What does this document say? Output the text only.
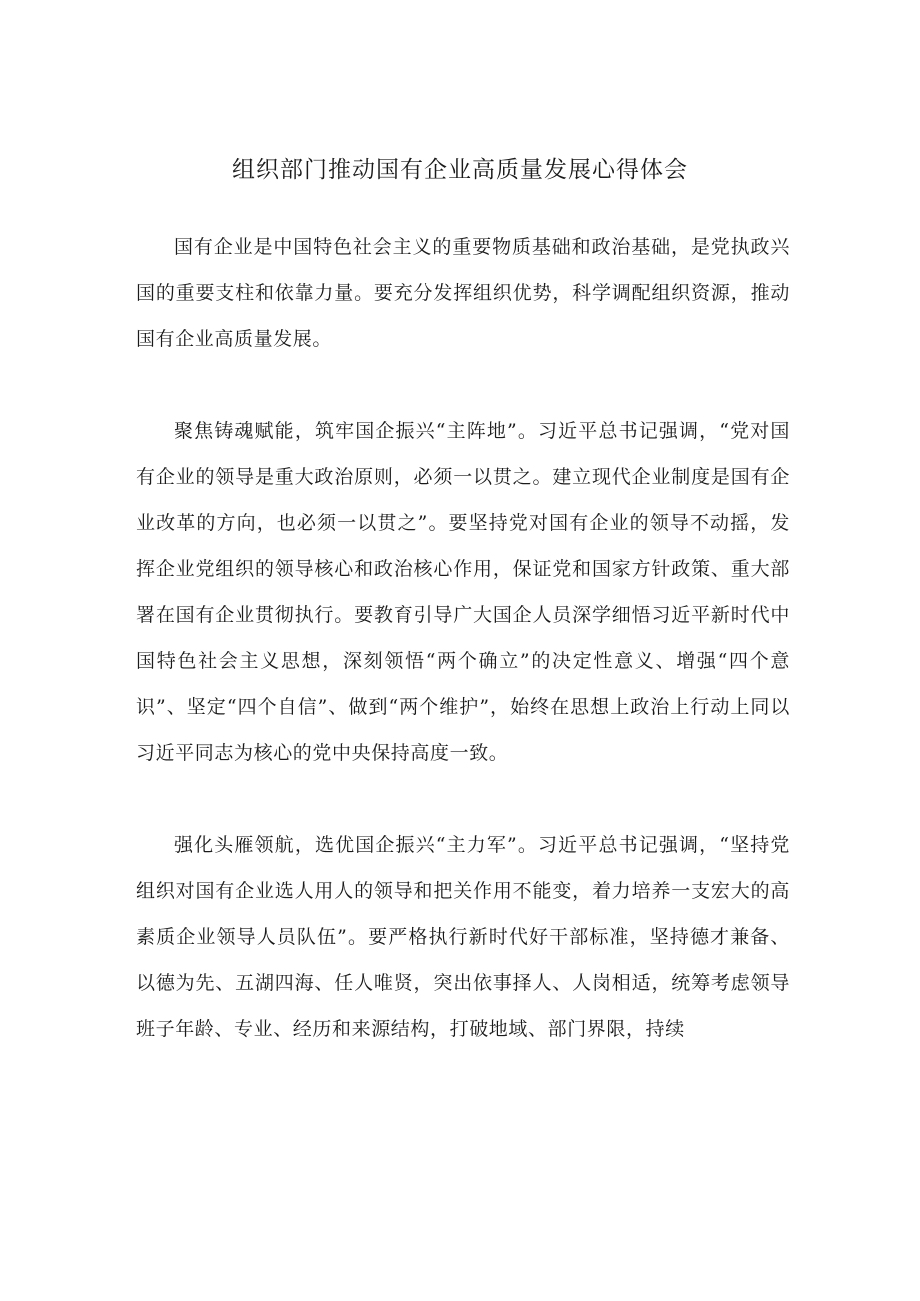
组织部门推动国有企业高质量发展心得体会

国有企业是中国特色社会主义的重要物质基础和政治基础，是党执政兴国的重要支柱和依靠力量。要充分发挥组织优势，科学调配组织资源，推动国有企业高质量发展。

聚焦铸魂赋能，筑牢国企振兴“主阵地”。习近平总书记强调，“党对国有企业的领导是重大政治原则，必须一以贯之。建立现代企业制度是国有企业改革的方向，也必须一以贯之”。要坚持党对国有企业的领导不动摇，发挥企业党组织的领导核心和政治核心作用，保证党和国家方针政策、重大部署在国有企业贯彻执行。要教育引导广大国企人员深学细悟习近平新时代中国特色社会主义思想，深刻领悟“两个确立”的决定性意义、增强“四个意识”、坚定“四个自信”、做到“两个维护”，始终在思想上政治上行动上同以习近平同志为核心的党中央保持高度一致。

强化头雁领航，选优国企振兴“主力军”。习近平总书记强调，“坚持党组织对国有企业选人用人的领导和把关作用不能变，着力培养一支宏大的高素质企业领导人员队伍”。要严格执行新时代好干部标准，坚持德才兼备、以德为先、五湖四海、任人唯贤，突出依事择人、人岗相适，统筹考虑领导班子年龄、专业、经历和来源结构，打破地域、部门界限，持续
